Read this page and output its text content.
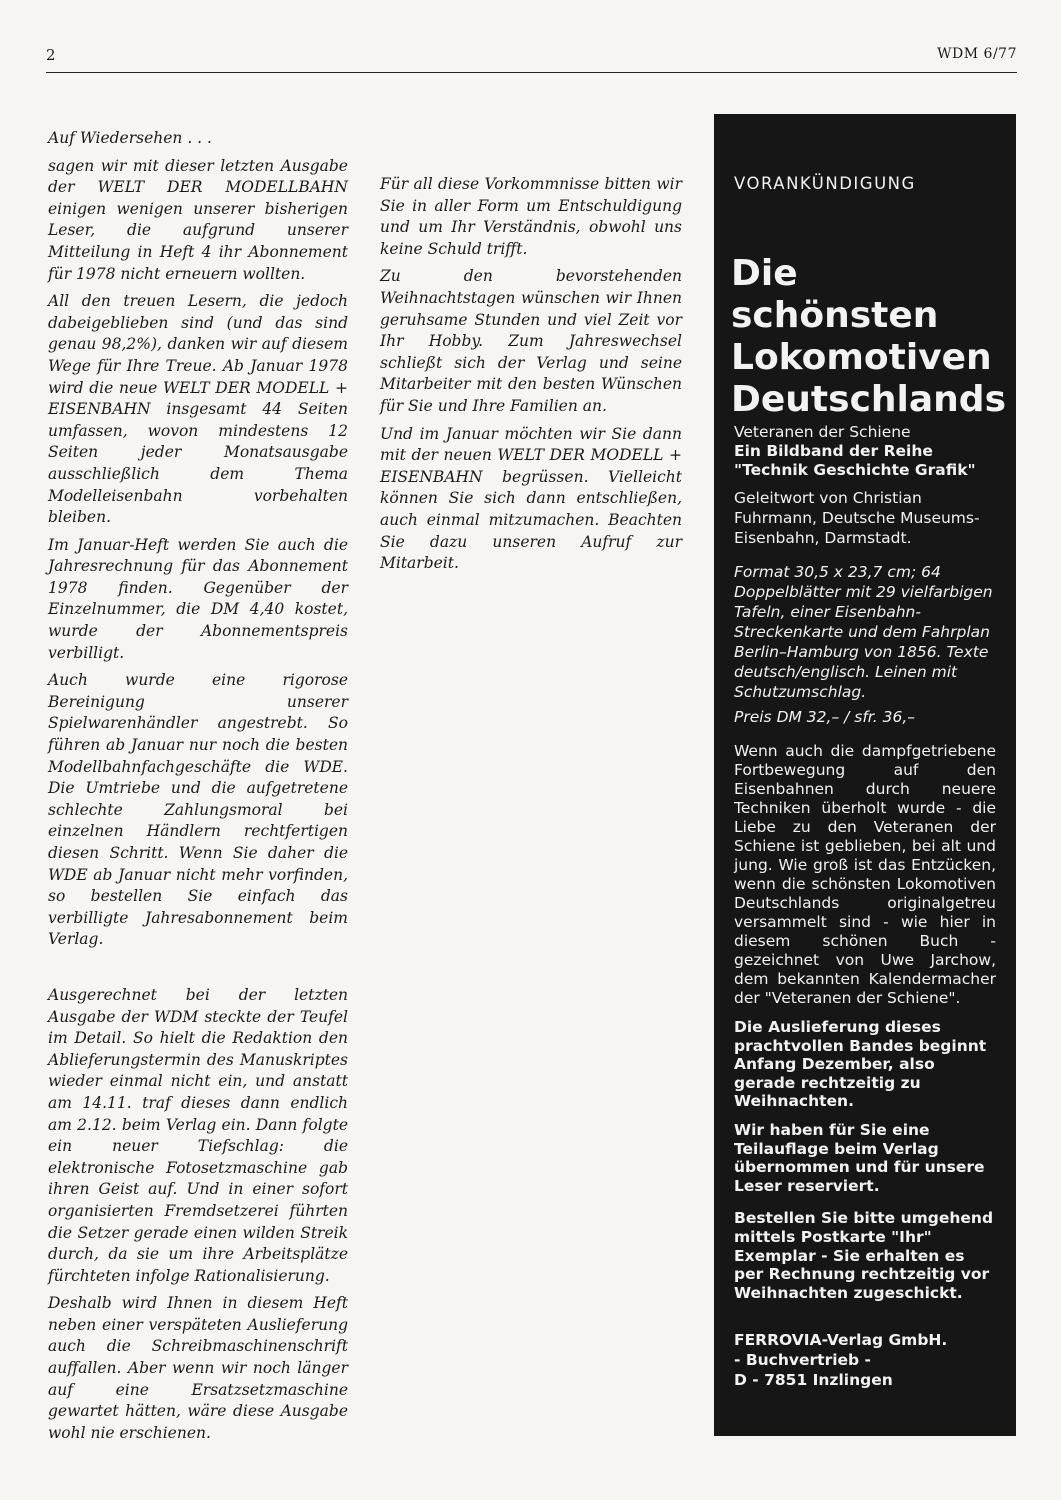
2	WDM 6/77

Auf Wiedersehen . . .

sagen wir mit dieser letzten Ausgabe der WELT DER MODELLBAHN einigen wenigen unserer bisherigen Leser, die aufgrund unserer Mitteilung in Heft 4 ihr Abonnement für 1978 nicht erneuern wollten.

All den treuen Lesern, die jedoch dabeigeblieben sind (und das sind genau 98,2%), danken wir auf diesem Wege für Ihre Treue. Ab Januar 1978 wird die neue WELT DER MODELL + EISENBAHN insgesamt 44 Seiten umfassen, wovon mindestens 12 Seiten jeder Monatsausgabe ausschließlich dem Thema Modelleisenbahn vorbehalten bleiben.

Im Januar-Heft werden Sie auch die Jahresrechnung für das Abonnement 1978 finden. Gegenüber der Einzelnummer, die DM 4,40 kostet, wurde der Abonnementspreis verbilligt.

Auch wurde eine rigorose Bereinigung unserer Spielwarenhändler angestrebt. So führen ab Januar nur noch die besten Modellbahnfachgeschäfte die WDE. Die Umtriebe und die aufgetretene schlechte Zahlungsmoral bei einzelnen Händlern rechtfertigen diesen Schritt. Wenn Sie daher die WDE ab Januar nicht mehr vorfinden, so bestellen Sie einfach das verbilligte Jahresabonnement beim Verlag.

Ausgerechnet bei der letzten Ausgabe der WDM steckte der Teufel im Detail. So hielt die Redaktion den Ablieferungstermin des Manuskriptes wieder einmal nicht ein, und anstatt am 14.11. traf dieses dann endlich am 2.12. beim Verlag ein. Dann folgte ein neuer Tiefschlag: die elektronische Fotosetzmaschine gab ihren Geist auf. Und in einer sofort organisierten Fremdsetzerei führten die Setzer gerade einen wilden Streik durch, da sie um ihre Arbeitsplätze fürchteten infolge Rationalisierung.

Deshalb wird Ihnen in diesem Heft neben einer verspäteten Auslieferung auch die Schreibmaschinenschrift auffallen. Aber wenn wir noch länger auf eine Ersatzsetzmaschine gewartet hätten, wäre diese Ausgabe wohl nie erschienen.

Für all diese Vorkommnisse bitten wir Sie in aller Form um Entschuldigung und um Ihr Verständnis, obwohl uns keine Schuld trifft.

Zu den bevorstehenden Weihnachtstagen wünschen wir Ihnen geruhsame Stunden und viel Zeit vor Ihr Hobby. Zum Jahreswechsel schließt sich der Verlag und seine Mitarbeiter mit den besten Wünschen für Sie und Ihre Familien an.

Und im Januar möchten wir Sie dann mit der neuen WELT DER MODELL + EISENBAHN begrüssen. Vielleicht können Sie sich dann entschließen, auch einmal mitzumachen. Beachten Sie dazu unseren Aufruf zur Mitarbeit.

VORANKÜNDIGUNG
Die schönsten
Lokomotiven
Deutschlands
Veteranen der Schiene
Ein Bildband der Reihe "Technik Geschichte Grafik"
Geleitwort von Christian Fuhrmann, Deutsche Museums-Eisenbahn, Darmstadt.
Format 30,5 x 23,7 cm; 64 Doppelblätter mit 29 vielfarbigen Tafeln, einer Eisenbahn-Streckenkarte und dem Fahrplan Berlin–Hamburg von 1856. Texte deutsch/englisch. Leinen mit Schutzumschlag.
Preis DM 32,– / sfr. 36,–
Wenn auch die dampfgetriebene Fortbewegung auf den Eisenbahnen durch neuere Techniken überholt wurde - die Liebe zu den Veteranen der Schiene ist geblieben, bei alt und jung. Wie groß ist das Entzücken, wenn die schönsten Lokomotiven Deutschlands originalgetreu versammelt sind - wie hier in diesem schönen Buch - gezeichnet von Uwe Jarchow, dem bekannten Kalendermacher der "Veteranen der Schiene".
Die Auslieferung dieses prachtvollen Bandes beginnt Anfang Dezember, also gerade rechtzeitig zu Weihnachten.
Wir haben für Sie eine Teilauflage beim Verlag übernommen und für unsere Leser reserviert.
Bestellen Sie bitte umgehend mittels Postkarte "Ihr" Exemplar - Sie erhalten es per Rechnung rechtzeitig vor Weihnachten zugeschickt.
FERROVIA-Verlag GmbH.
- Buchvertrieb -
D - 7851 Inzlingen
